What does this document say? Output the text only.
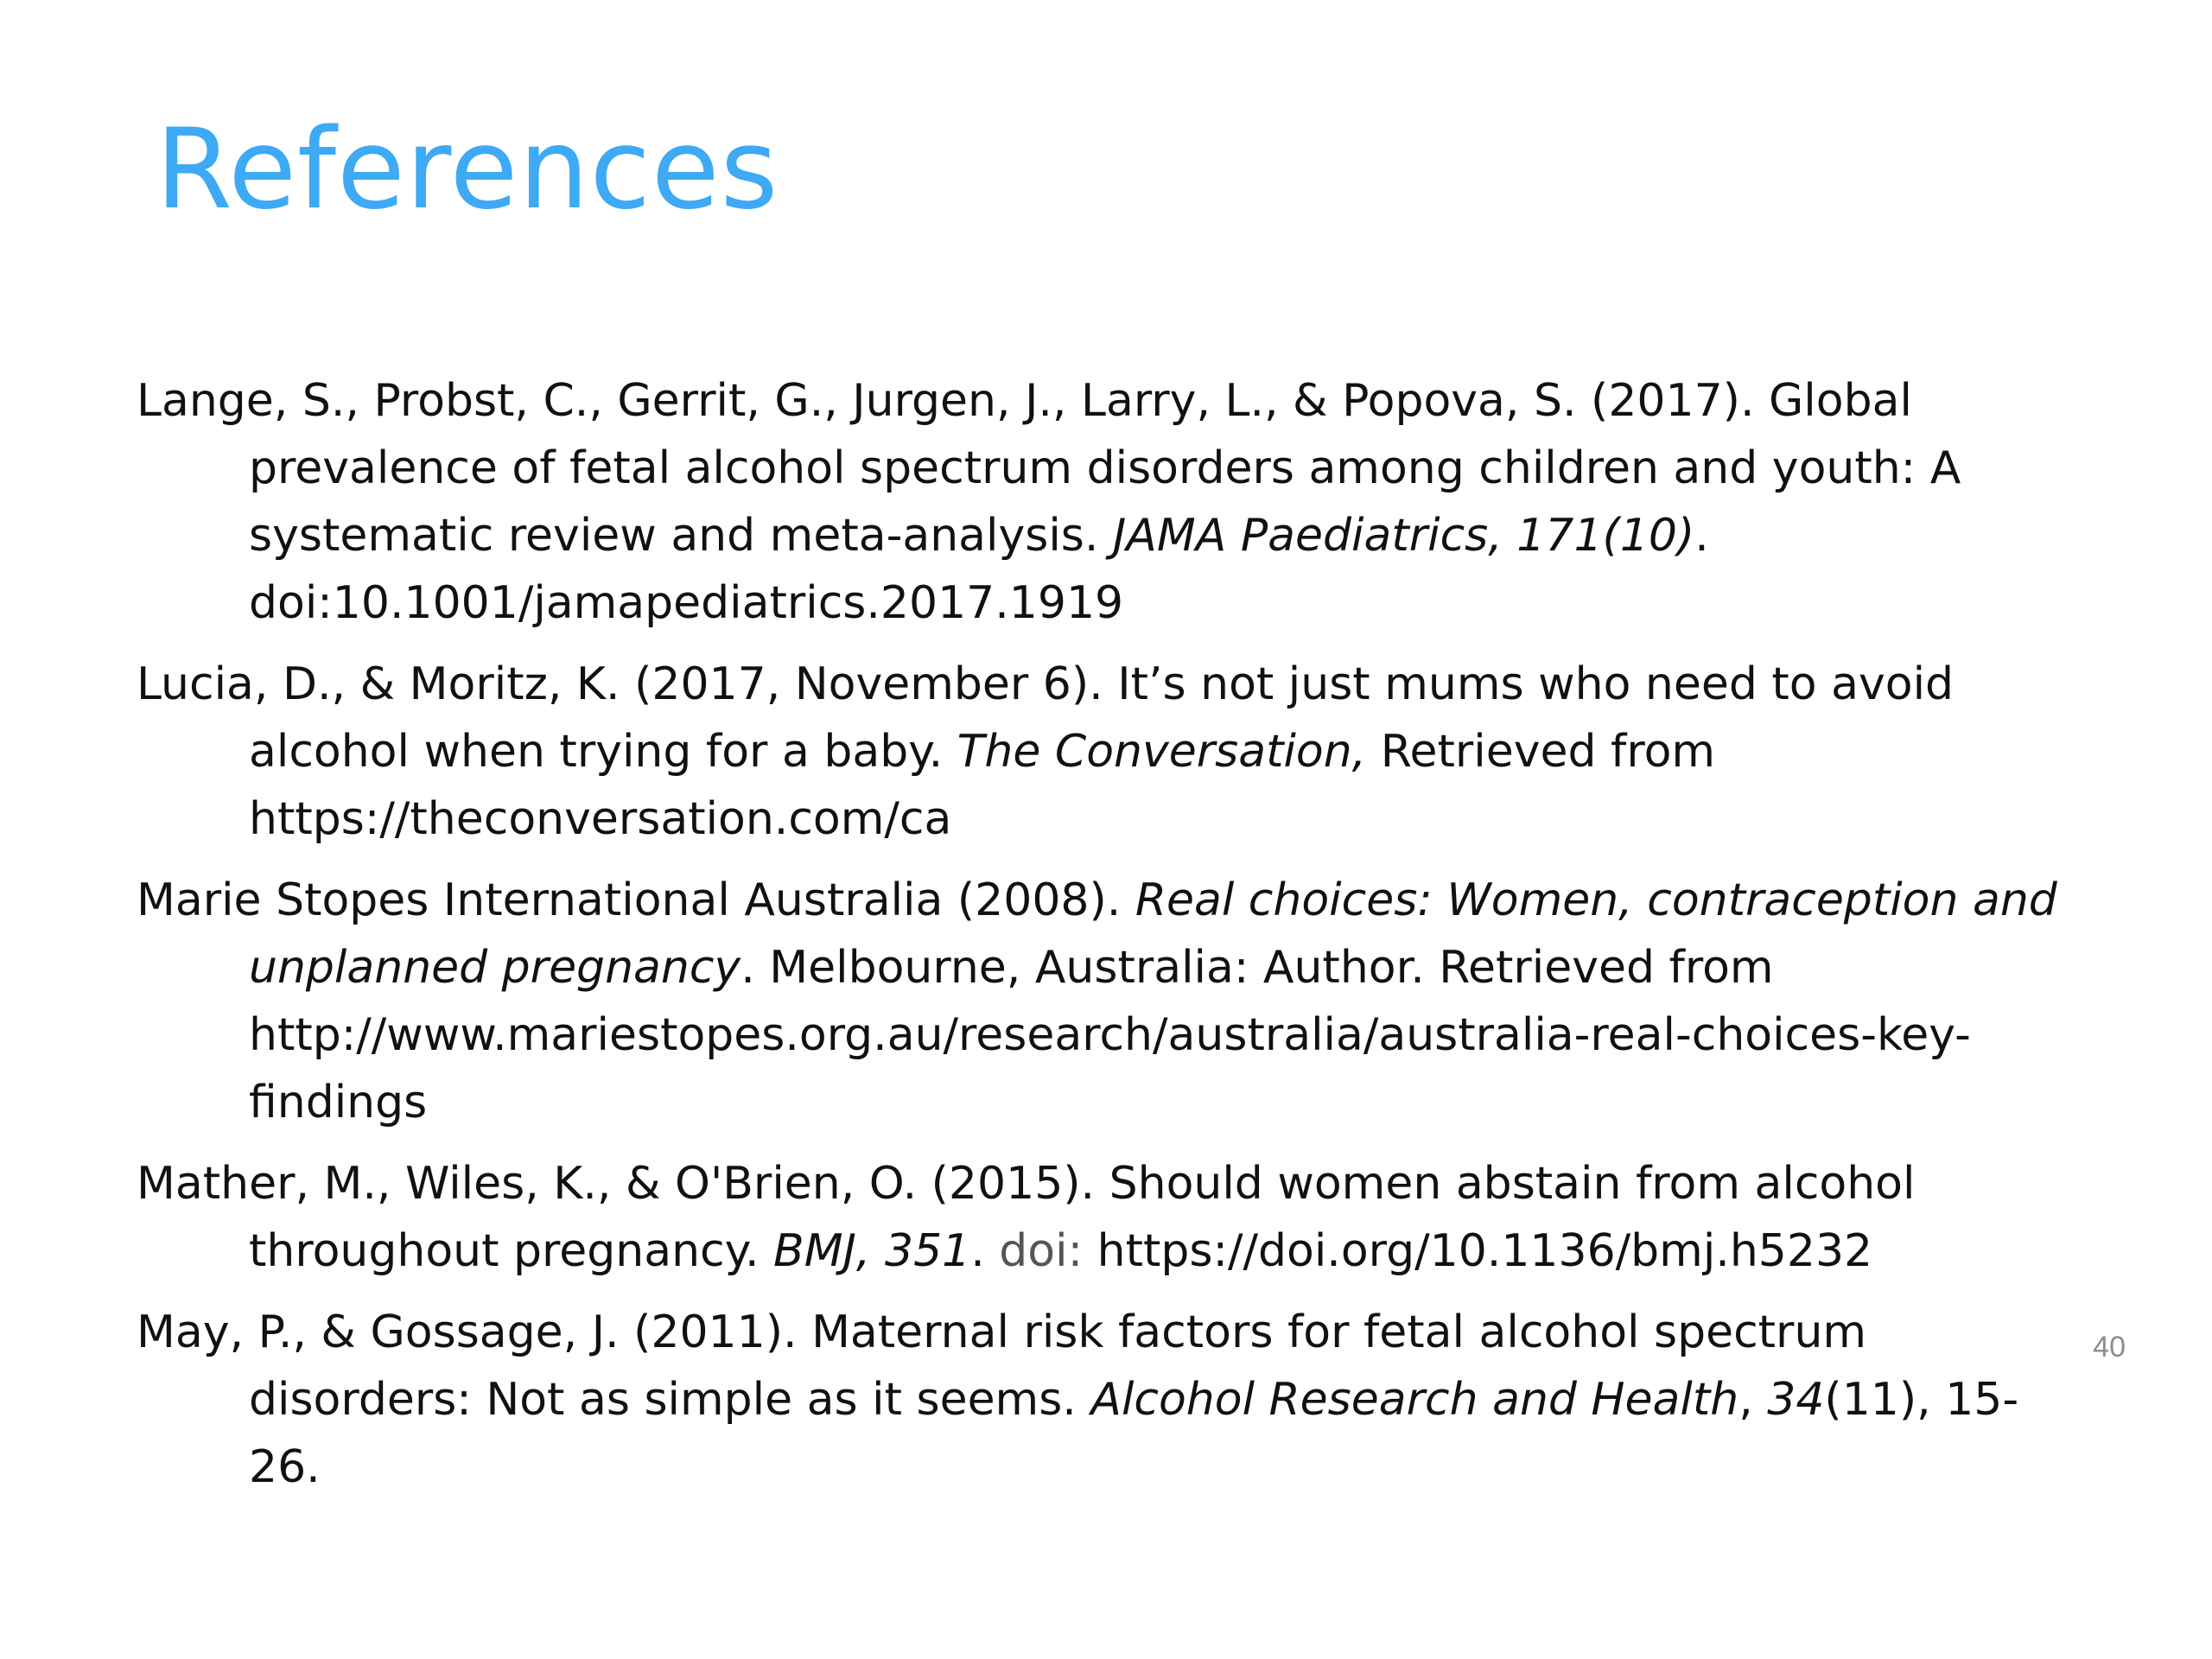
References
Lange, S., Probst, C., Gerrit, G., Jurgen, J., Larry, L., & Popova, S. (2017). Global prevalence of fetal alcohol spectrum disorders among children and youth: A systematic review and meta-analysis. JAMA Paediatrics, 171(10). doi:10.1001/jamapediatrics.2017.1919
Lucia, D., & Moritz, K. (2017, November 6). It’s not just mums who need to avoid alcohol when trying for a baby. The Conversation, Retrieved from https://theconversation.com/ca
Marie Stopes International Australia (2008). Real choices: Women, contraception and unplanned pregnancy. Melbourne, Australia: Author. Retrieved from http://www.mariestopes.org.au/research/australia/australia-real-choices-key-findings
Mather, M., Wiles, K., & O'Brien, O. (2015). Should women abstain from alcohol throughout pregnancy. BMJ, 351. doi: https://doi.org/10.1136/bmj.h5232
May, P., & Gossage, J. (2011). Maternal risk factors for fetal alcohol spectrum disorders: Not as simple as it seems. Alcohol Research and Health, 34(11), 15-26.
40
